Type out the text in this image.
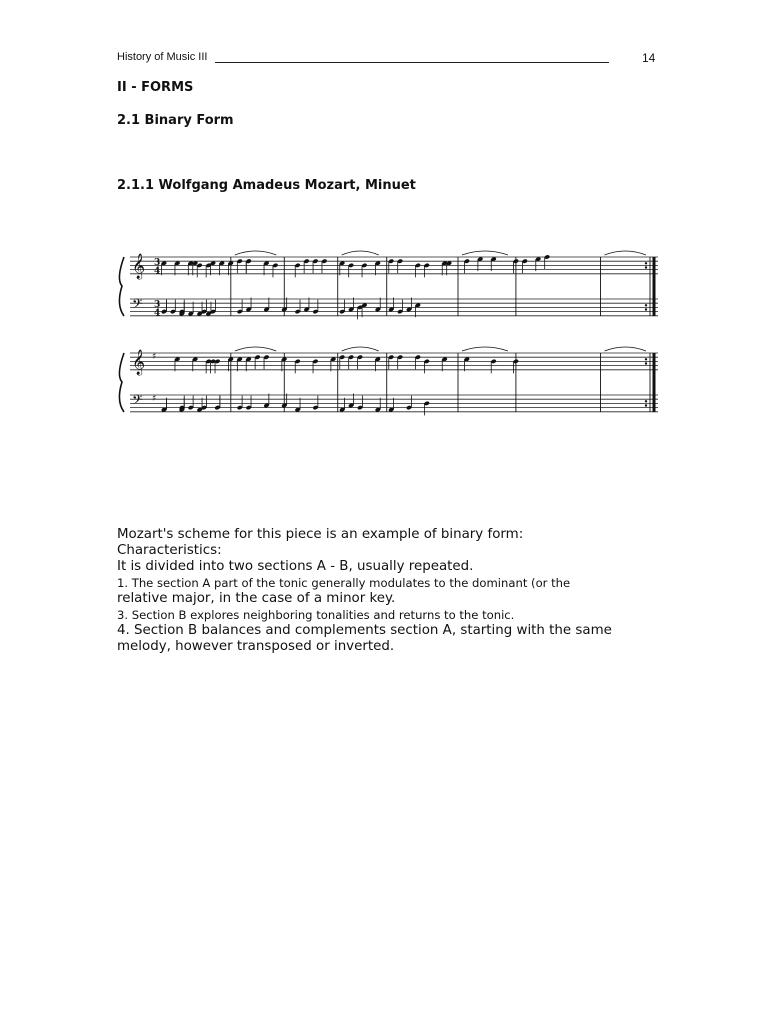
History of Music III	14
II - FORMS
2.1 Binary Form
2.1.1 Wolfgang Amadeus Mozart, Minuet
𝄞 3
4
𝄢 3
4
𝄞 ♯
𝄢 ♯

Mozart's scheme for this piece is an example of binary form:

Characteristics:

It is divided into two sections A - B, usually repeated.

1. The section A part of the tonic generally modulates to the dominant (or the

relative major, in the case of a minor key.

3. Section B explores neighboring tonalities and returns to the tonic.

4. Section B balances and complements section A, starting with the same

melody, however transposed or inverted.
